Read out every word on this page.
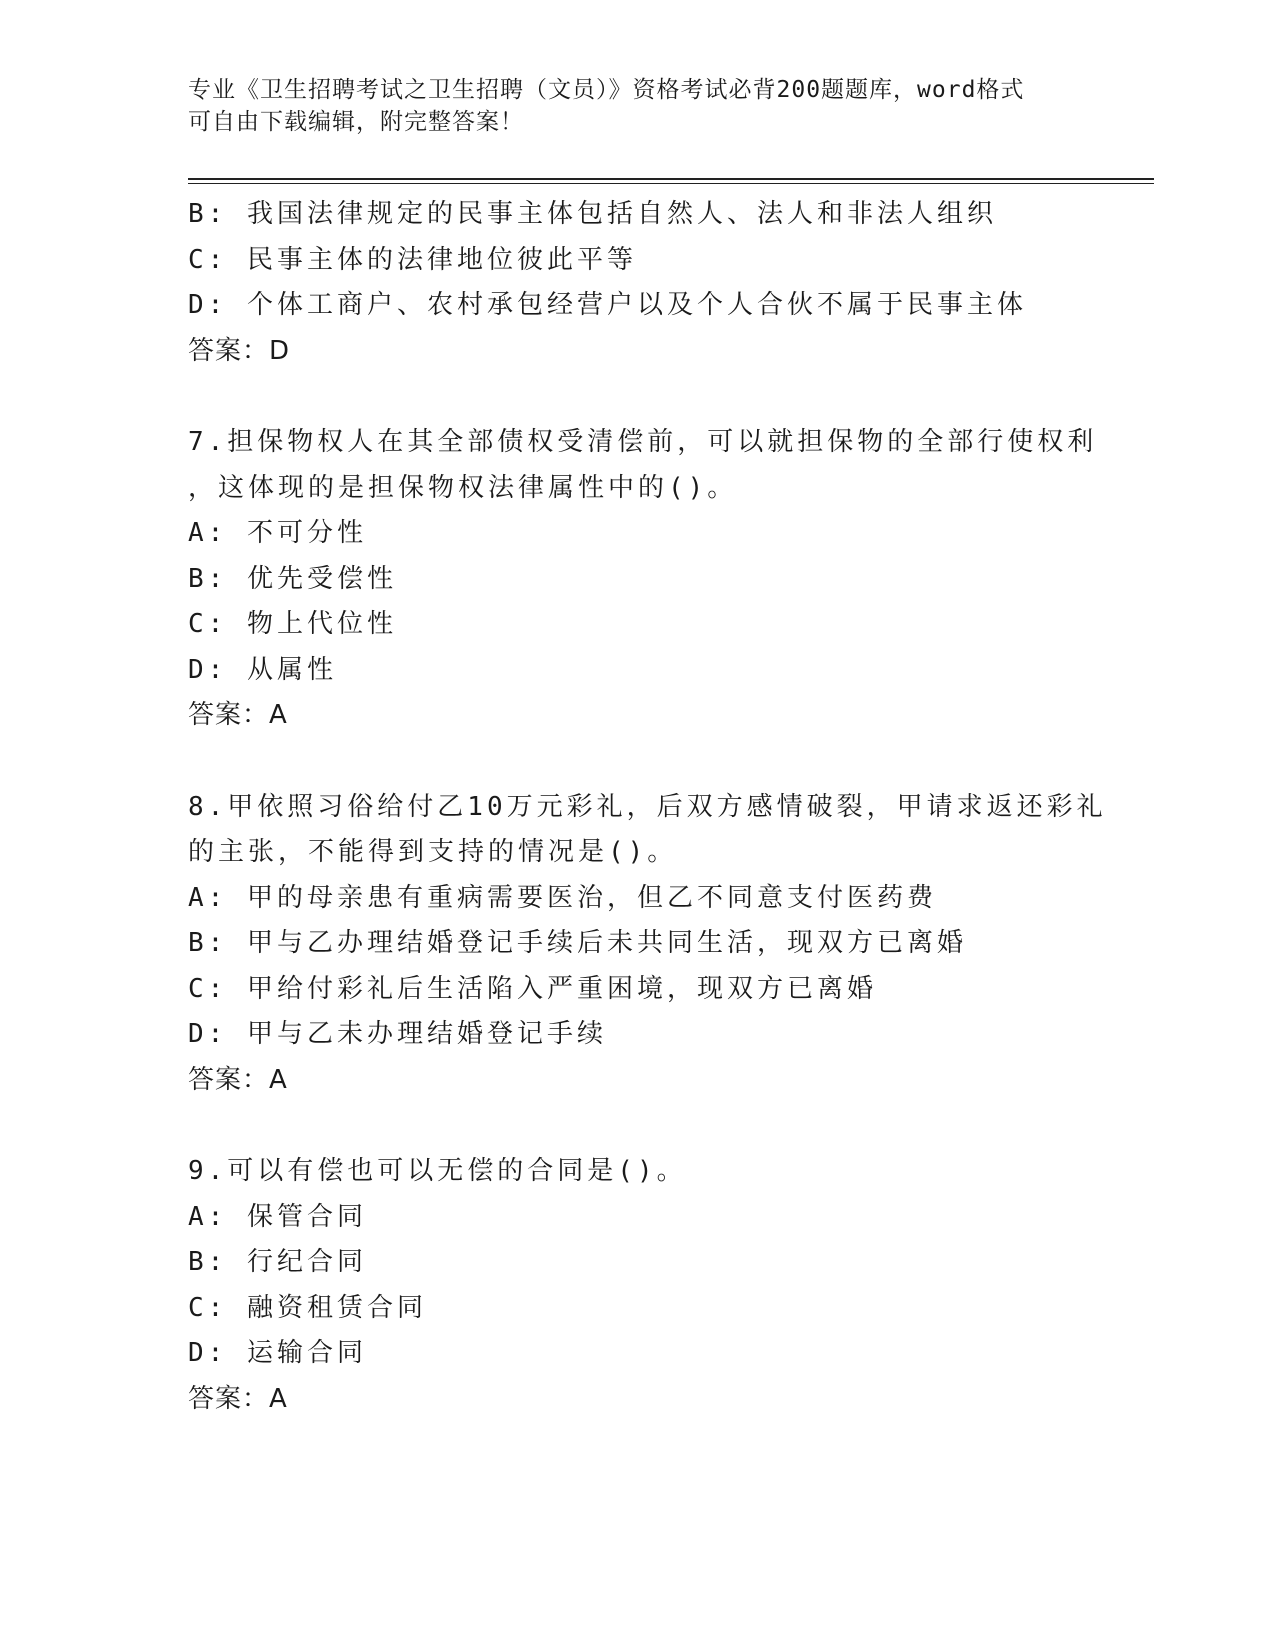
专业《卫生招聘考试之卫生招聘（文员）》资格考试必背200题题库，word格式
可自由下载编辑，附完整答案！
B: 我国法律规定的民事主体包括自然人、法人和非法人组织
C: 民事主体的法律地位彼此平等
D: 个体工商户、农村承包经营户以及个人合伙不属于民事主体
答案：D
7.担保物权人在其全部债权受清偿前，可以就担保物的全部行使权利
，这体现的是担保物权法律属性中的()。
A: 不可分性
B: 优先受偿性
C: 物上代位性
D: 从属性
答案：A
8.甲依照习俗给付乙10万元彩礼，后双方感情破裂，甲请求返还彩礼
的主张，不能得到支持的情况是()。
A: 甲的母亲患有重病需要医治，但乙不同意支付医药费
B: 甲与乙办理结婚登记手续后未共同生活，现双方已离婚
C: 甲给付彩礼后生活陷入严重困境，现双方已离婚
D: 甲与乙未办理结婚登记手续
答案：A
9.可以有偿也可以无偿的合同是()。
A: 保管合同
B: 行纪合同
C: 融资租赁合同
D: 运输合同
答案：A
